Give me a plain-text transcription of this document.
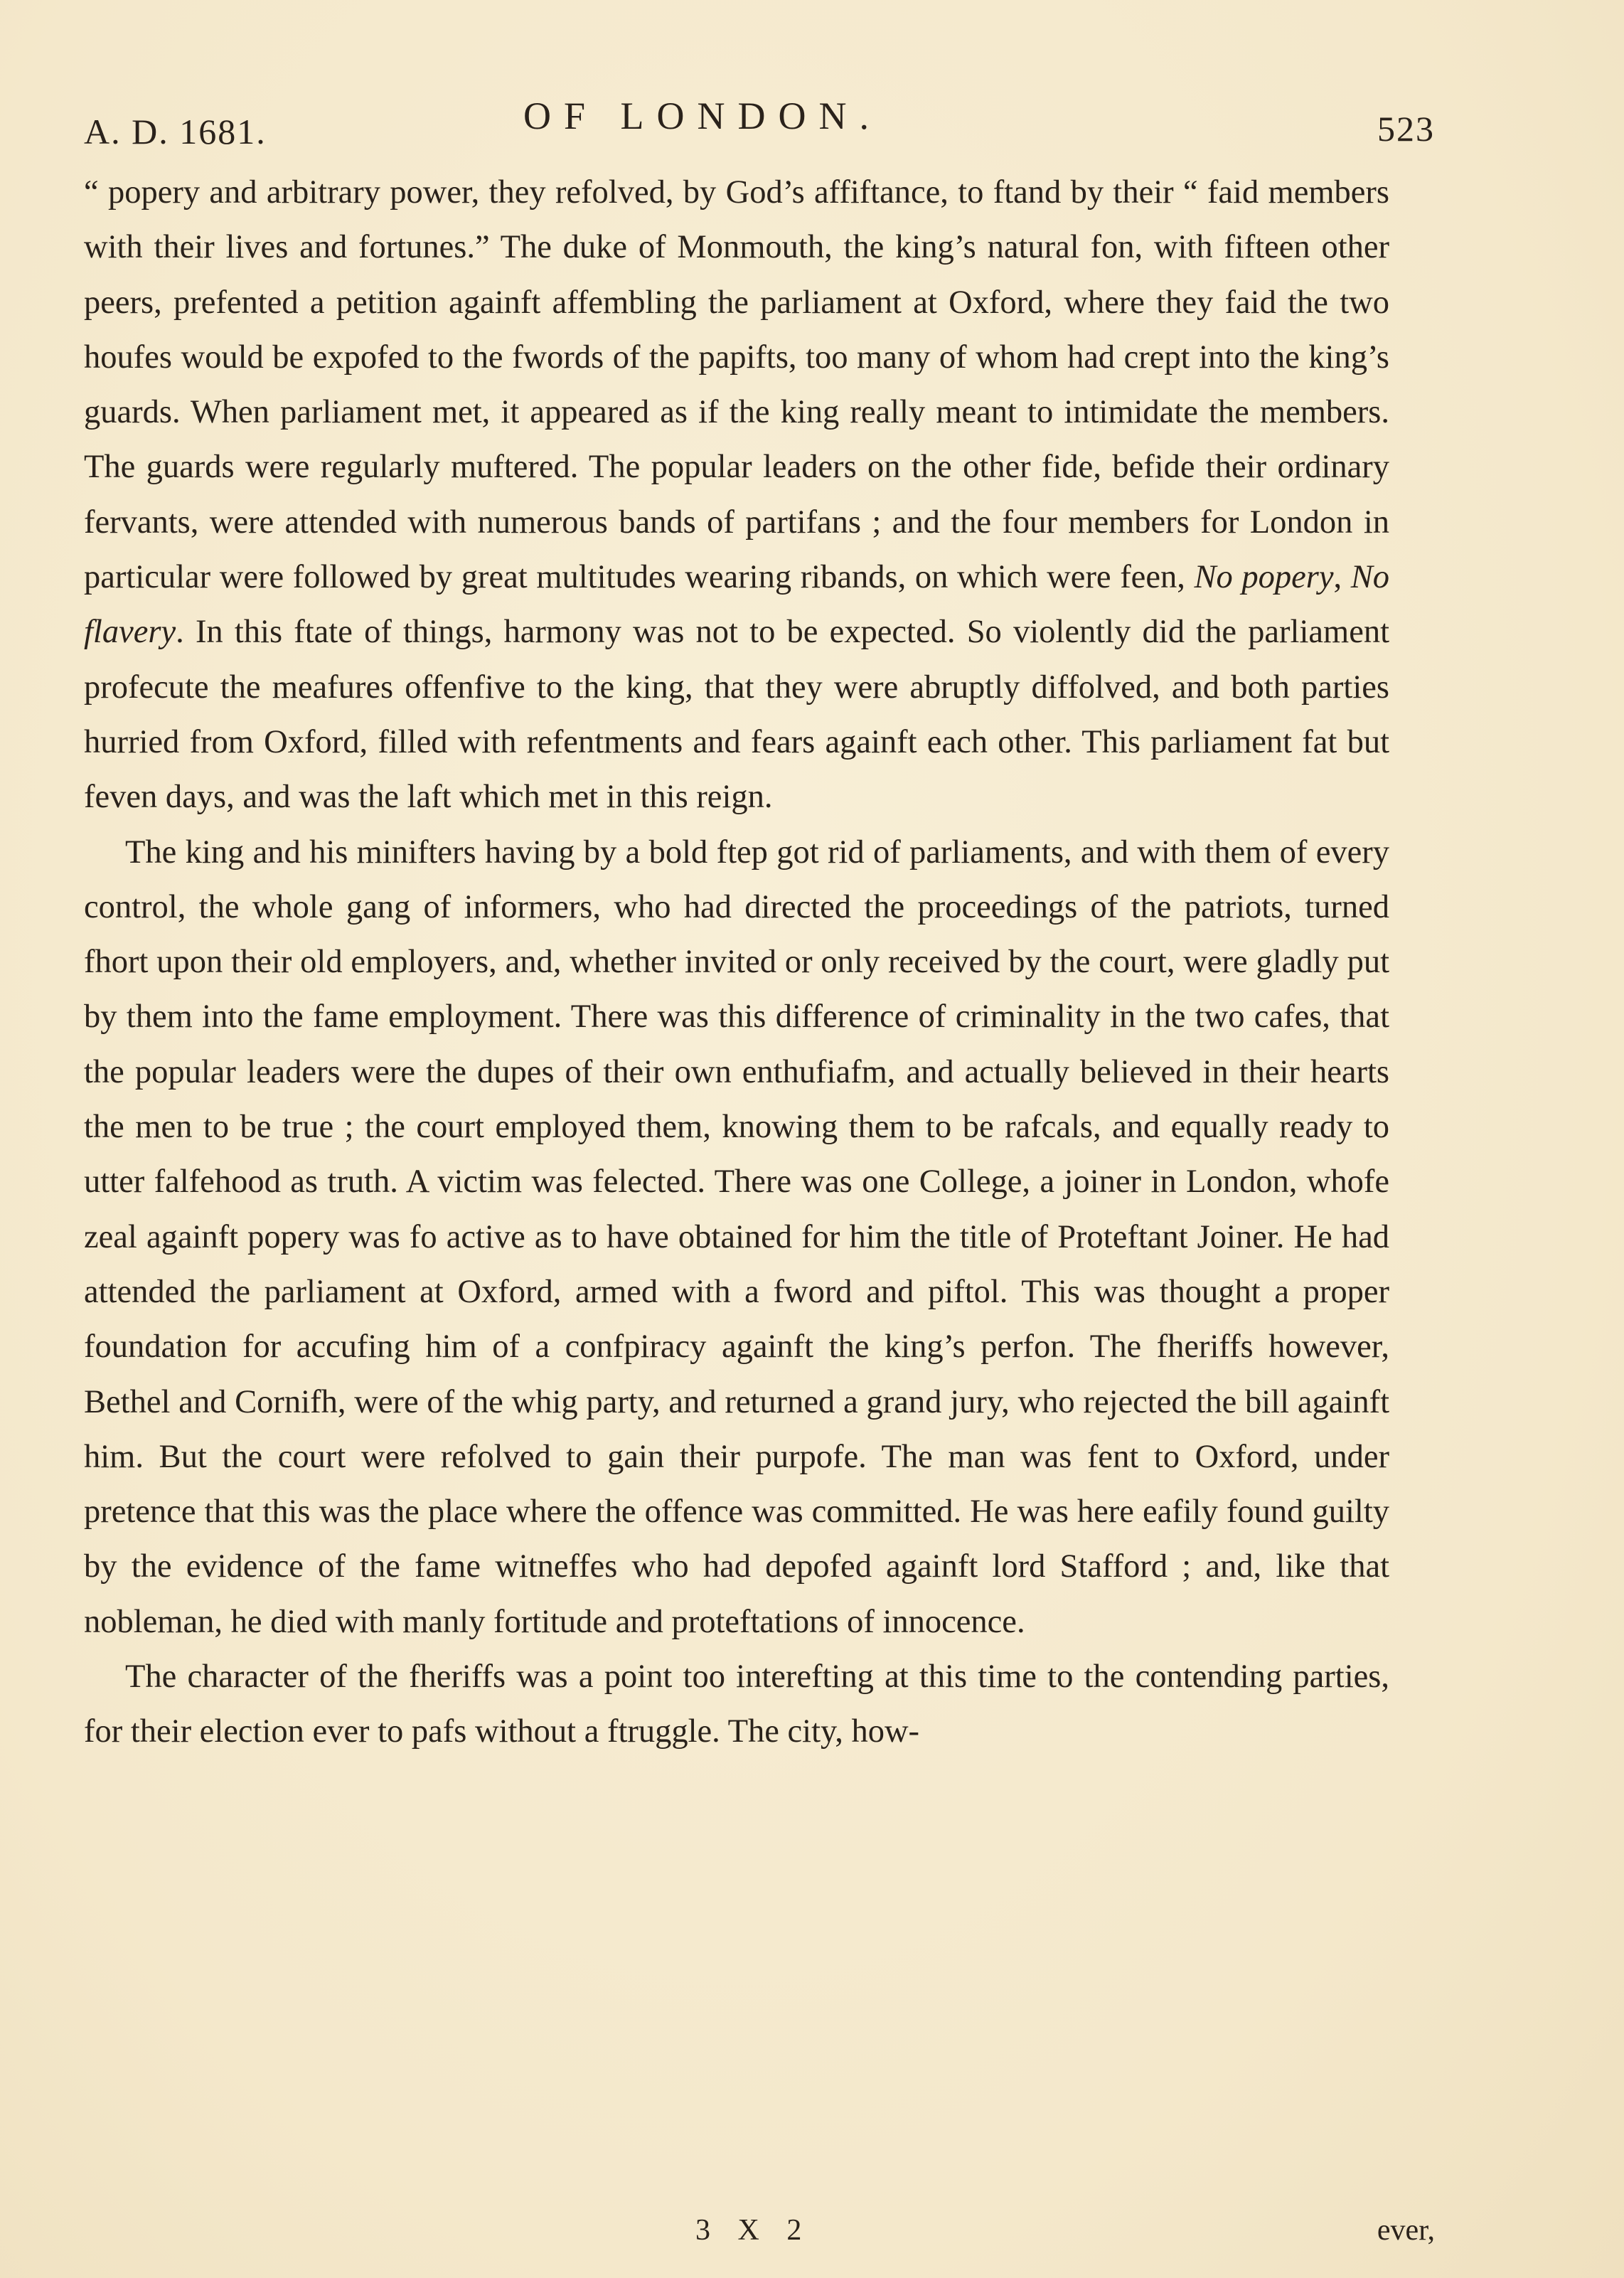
A. D. 1681.	OF LONDON.	523

“ popery and arbitrary power, they refolved, by God’s affiftance, to ftand by their “ faid members with their lives and fortunes.” The duke of Monmouth, the king’s natural fon, with fifteen other peers, prefented a petition againft affembling the parliament at Oxford, where they faid the two houfes would be expofed to the fwords of the papifts, too many of whom had crept into the king’s guards. When parliament met, it appeared as if the king really meant to intimidate the members. The guards were regularly muftered. The popular leaders on the other fide, befide their ordinary fervants, were attended with numerous bands of partifans ; and the four members for London in particular were followed by great multitudes wearing ribands, on which were feen, No popery, No flavery. In this ftate of things, harmony was not to be expected. So violently did the parliament profecute the meafures offenfive to the king, that they were abruptly diffolved, and both parties hurried from Oxford, filled with refentments and fears againft each other. This parliament fat but feven days, and was the laft which met in this reign.

The king and his minifters having by a bold ftep got rid of parliaments, and with them of every control, the whole gang of informers, who had directed the proceedings of the patriots, turned fhort upon their old employers, and, whether invited or only received by the court, were gladly put by them into the fame employment. There was this difference of criminality in the two cafes, that the popular leaders were the dupes of their own enthufiafm, and actually believed in their hearts the men to be true ; the court employed them, knowing them to be rafcals, and equally ready to utter falfehood as truth. A victim was felected. There was one College, a joiner in London, whofe zeal againft popery was fo active as to have obtained for him the title of Proteftant Joiner. He had attended the parliament at Oxford, armed with a fword and piftol. This was thought a proper foundation for accufing him of a confpiracy againft the king’s perfon. The fheriffs however, Bethel and Cornifh, were of the whig party, and returned a grand jury, who rejected the bill againft him. But the court were refolved to gain their purpofe. The man was fent to Oxford, under pretence that this was the place where the offence was committed. He was here eafily found guilty by the evidence of the fame witneffes who had depofed againft lord Stafford ; and, like that nobleman, he died with manly fortitude and proteftations of innocence.

The character of the fheriffs was a point too interefting at this time to the contending parties, for their election ever to pafs without a ftruggle. The city, how-

3 X 2	ever,
